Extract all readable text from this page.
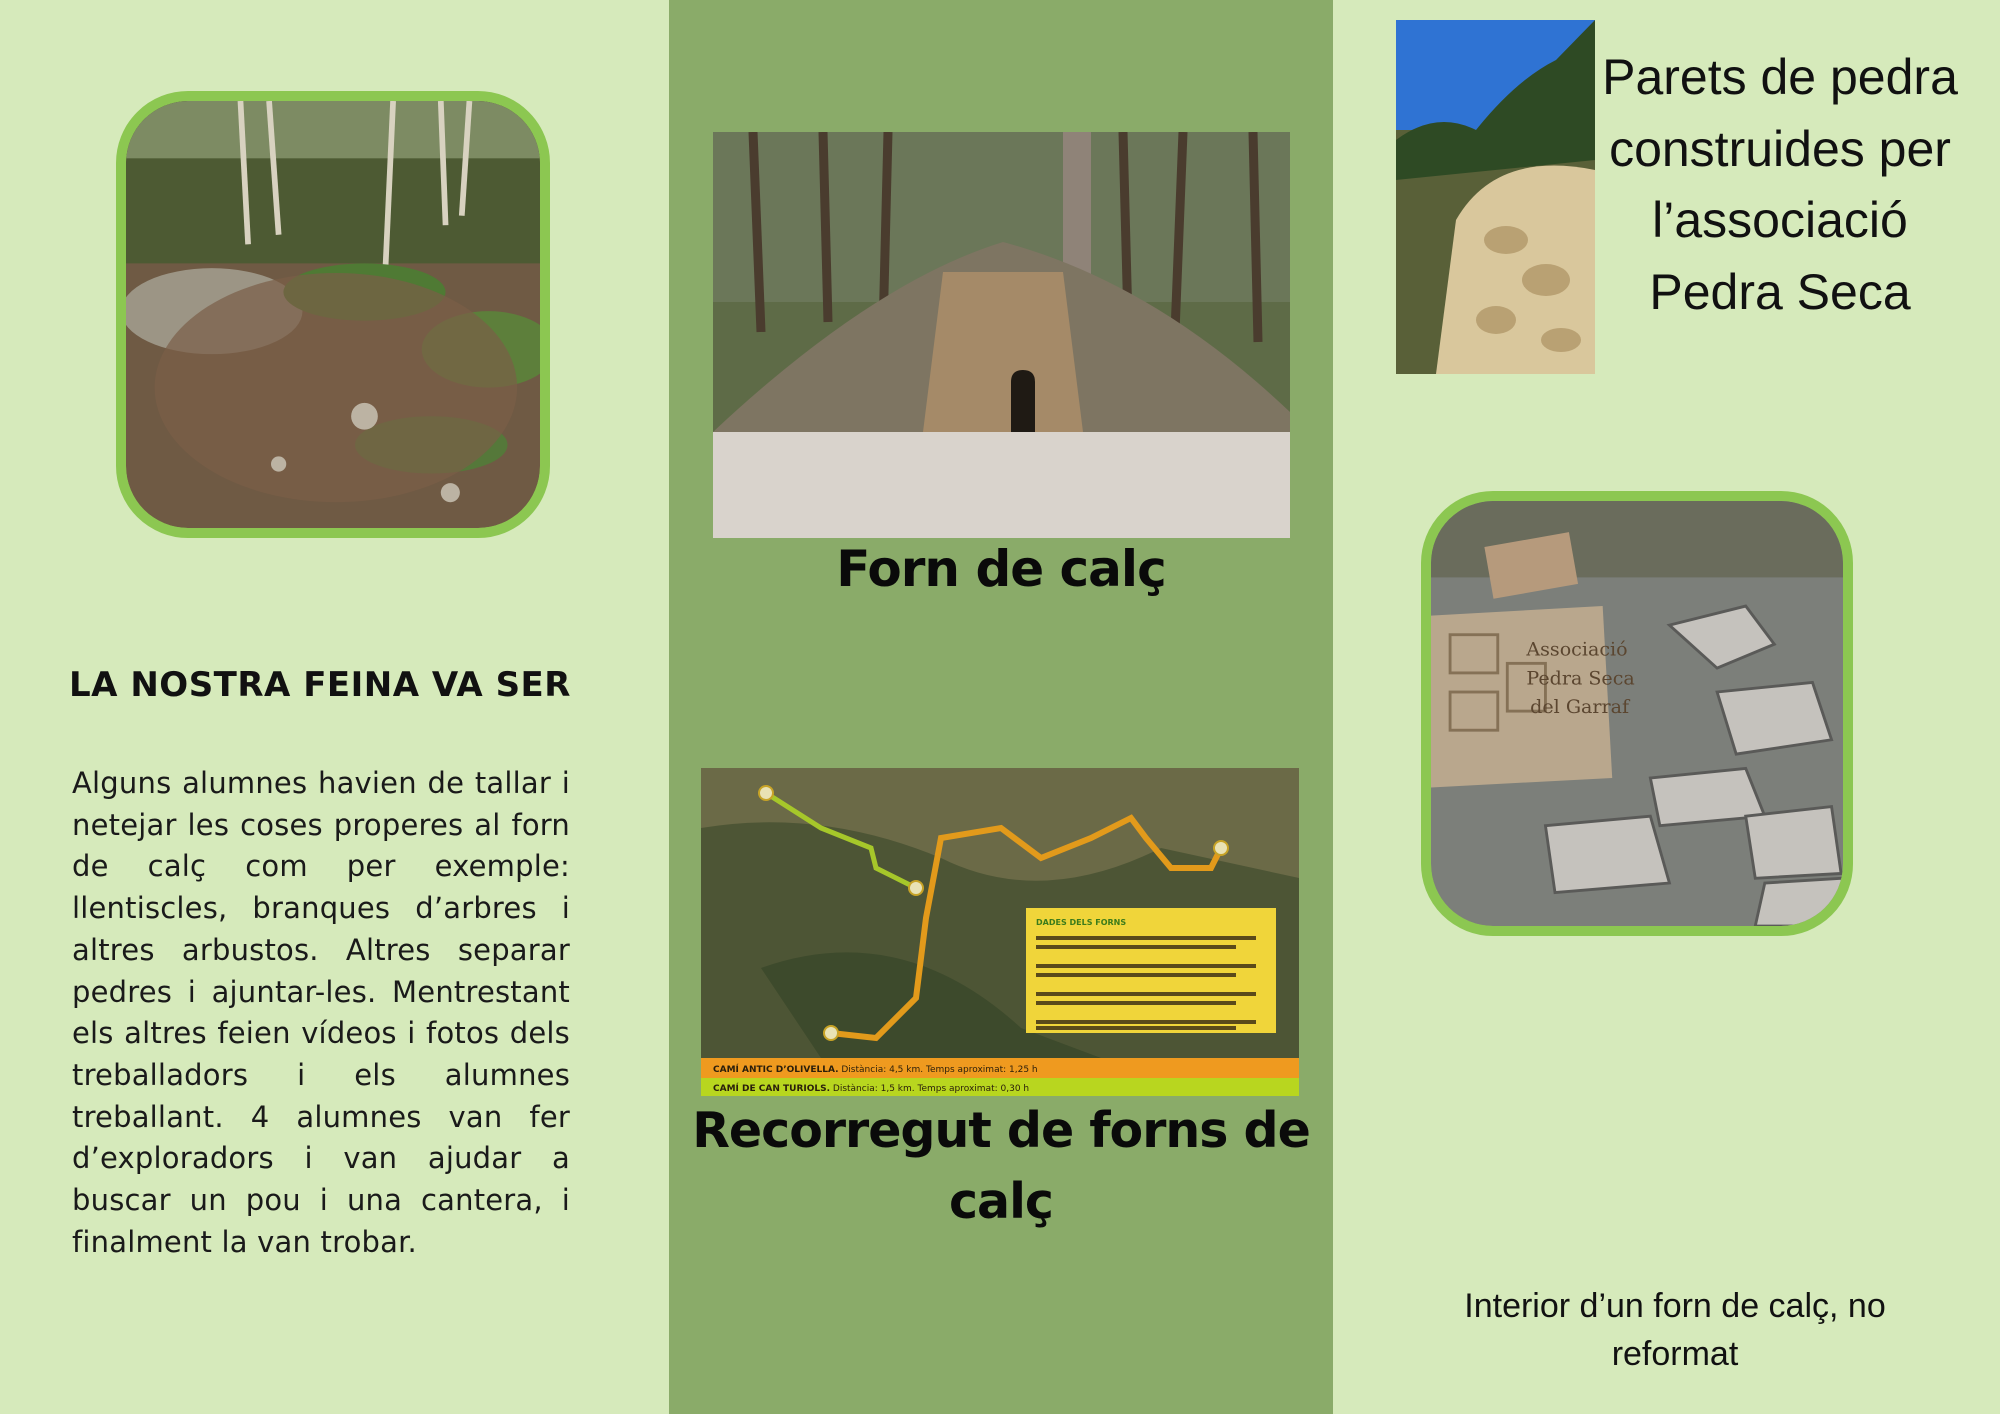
LA NOSTRA FEINA VA SER
Alguns alumnes havien de tallar i netejar les coses properes al forn de calç com per exemple: llentiscles, branques d’arbres i altres arbustos. Altres separar pedres i ajuntar-les. Mentrestant els altres feien vídeos i fotos dels treballadors i els alumnes treballant. 4 alumnes van fer d’exploradors i van ajudar a buscar un pou i una cantera, i finalment la van trobar.
Forn de calç
DADES DELS FORNS
CAMÍ ANTIC D’OLIVELLA. Distància: 4,5 km. Temps aproximat: 1,25 h
CAMÍ DE CAN TURIOLS. Distància: 1,5 km. Temps aproximat: 0,30 h
Recorregut de forns de calç
Parets de pedra construides per l’associació Pedra Seca
Associació
Pedra Seca
del Garraf
Interior d’un forn de calç, no reformat
